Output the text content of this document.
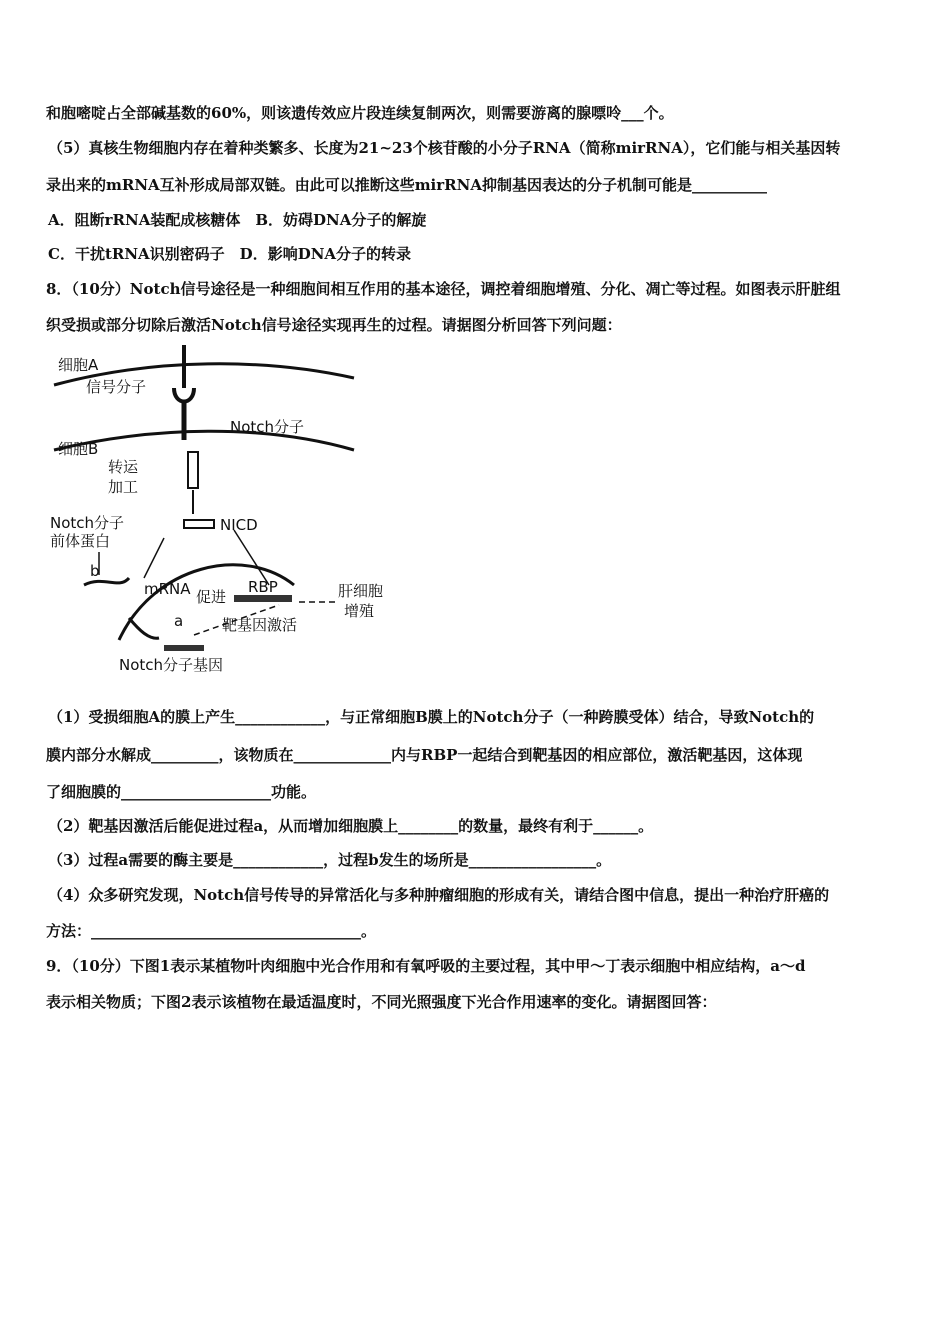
和胞嘧啶占全部碱基数的60%，则该遗传效应片段连续复制两次，则需要游离的腺嘌呤___个。
（5）真核生物细胞内存在着种类繁多、长度为21~23个核苷酸的小分子RNA（简称mirRNA），它们能与相关基因转
录出来的mRNA互补形成局部双链。由此可以推断这些mirRNA抑制基因表达的分子机制可能是__________
A．阻断rRNA装配成核糖体　B．妨碍DNA分子的解旋
C．干扰tRNA识别密码子　D．影响DNA分子的转录
8．（10分）Notch信号途径是一种细胞间相互作用的基本途径，调控着细胞增殖、分化、凋亡等过程。如图表示肝脏组
织受损或部分切除后激活Notch信号途径实现再生的过程。请据图分析回答下列问题：
细胞A
信号分子
Notch分子
细胞B
转运
加工
Notch分子
前体蛋白
NICD
b
mRNA 促进
RBP	肝细胞
增殖
a	靶基因激活
Notch分子基因
（1）受损细胞A的膜上产生____________，与正常细胞B膜上的Notch分子（一种跨膜受体）结合，导致Notch的
膜内部分水解成_________，该物质在_____________内与RBP一起结合到靶基因的相应部位，激活靶基因，这体现
了细胞膜的____________________功能。
（2）靶基因激活后能促进过程a，从而增加细胞膜上________的数量，最终有利于______。
（3）过程a需要的酶主要是____________，过程b发生的场所是_________________。
（4）众多研究发现，Notch信号传导的异常活化与多种肿瘤细胞的形成有关，请结合图中信息，提出一种治疗肝癌的
方法：____________________________________。
9．（10分）下图1表示某植物叶肉细胞中光合作用和有氧呼吸的主要过程，其中甲～丁表示细胞中相应结构，a～d
表示相关物质；下图2表示该植物在最适温度时，不同光照强度下光合作用速率的变化。请据图回答：
